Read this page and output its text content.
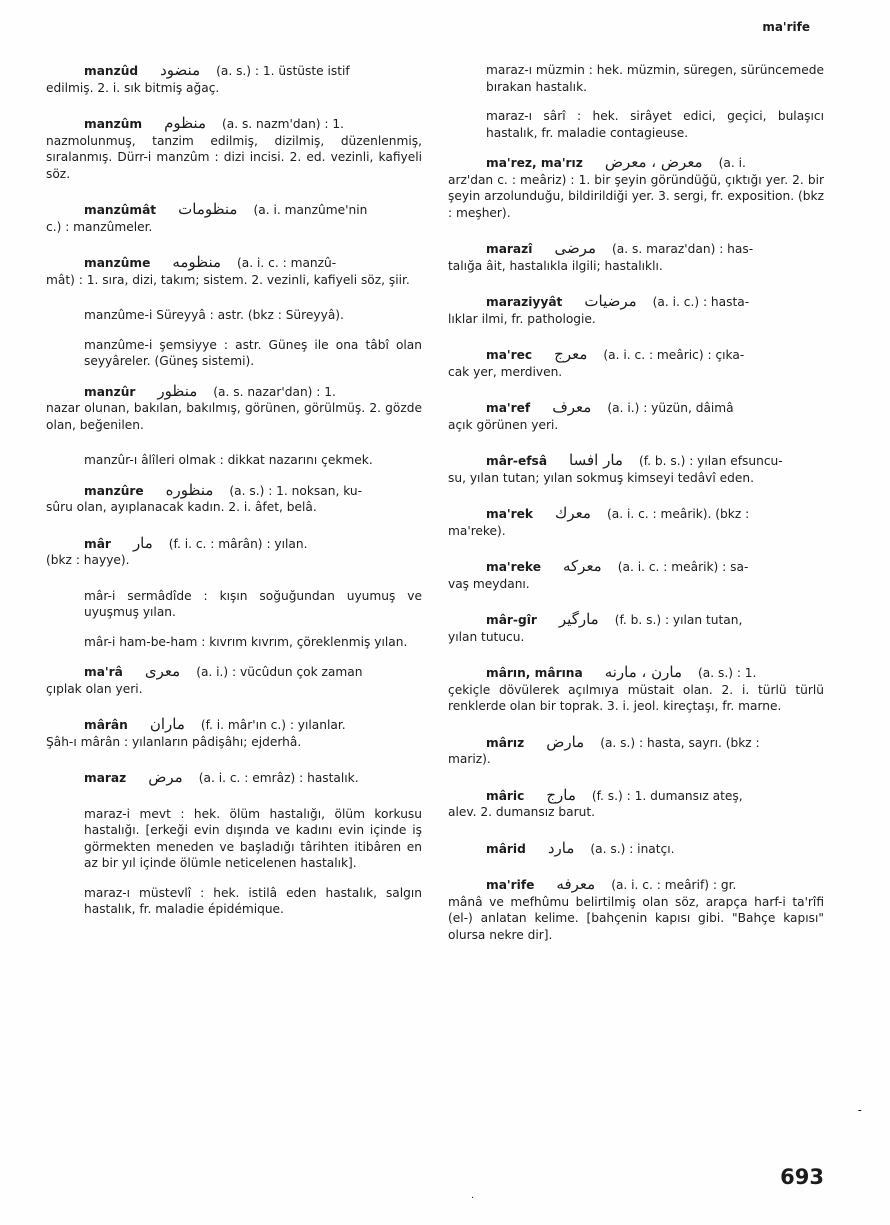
ma'rife
manzûd منضود (a. s.) : 1. üstüste istif
edilmiş. 2. i. sık bitmiş ağaç.
manzûm منظوم (a. s. nazm'dan) : 1.
nazmolunmuş, tanzim edilmiş, dizilmiş, düzenlenmiş, sıralanmış. Dürr-i manzûm : dizi incisi. 2. ed. vezinli, kafiyeli söz.
manzûmât منظومات (a. i. manzûme'nin
c.) : manzûmeler.
manzûme منظومه (a. i. c. : manzû-
mât) : 1. sıra, dizi, takım; sistem. 2. vezinli, kafiyeli söz, şiir.
manzûme-i Süreyyâ : astr. (bkz : Süreyyâ).
manzûme-i şemsiyye : astr. Güneş ile ona tâbî olan seyyâreler. (Güneş sistemi).
manzûr منظور (a. s. nazar'dan) : 1.
nazar olunan, bakılan, bakılmış, görünen, görülmüş. 2. gözde olan, beğenilen.
manzûr-ı âlîleri olmak : dikkat nazarını çekmek.
manzûre منظوره (a. s.) : 1. noksan, ku-
sûru olan, ayıplanacak kadın. 2. i. âfet, belâ.
mâr مار (f. i. c. : mârân) : yılan.
(bkz : hayye).
mâr-i sermâdîde : kışın soğuğundan uyumuş ve uyuşmuş yılan.
mâr-i ham-be-ham : kıvrım kıvrım, çöreklenmiş yılan.
ma'râ معرى (a. i.) : vücûdun çok zaman
çıplak olan yeri.
mârân ماران (f. i. mâr'ın c.) : yılanlar.
Şâh-ı mârân : yılanların pâdişâhı; ejderhâ.
maraz مرض (a. i. c. : emrâz) : hastalık.
maraz-i mevt : hek. ölüm hastalığı, ölüm korkusu hastalığı. [erkeği evin dışında ve kadını evin içinde iş görmekten meneden ve başladığı târihten itibâren en az bir yıl içinde ölümle neticelenen hastalık].
maraz-ı müstevlî : hek. istilâ eden hastalık, salgın hastalık, fr. maladie épidémique.
maraz-ı müzmin : hek. müzmin, süregen, sürüncemede bırakan hastalık.
maraz-ı sârî : hek. sirâyet edici, geçici, bulaşıcı hastalık, fr. maladie contagieuse.
ma'rez, ma'rız معرض ، معرض (a. i.
arz'dan c. : meâriz) : 1. bir şeyin göründüğü, çıktığı yer. 2. bir şeyin arzolunduğu, bildirildiği yer. 3. sergi, fr. exposition. (bkz : meşher).
marazî مرضى (a. s. maraz'dan) : has-
talığa âit, hastalıkla ilgili; hastalıklı.
maraziyyât مرضيات (a. i. c.) : hasta-
lıklar ilmi, fr. pathologie.
ma'rec معرج (a. i. c. : meâric) : çıka-
cak yer, merdiven.
ma'ref معرف (a. i.) : yüzün, dâimâ
açık görünen yeri.
mâr-efsâ مار افسا (f. b. s.) : yılan efsuncu-
su, yılan tutan; yılan sokmuş kimseyi tedâvî eden.
ma'rek معرك (a. i. c. : meârik). (bkz :
ma'reke).
ma'reke معركه (a. i. c. : meârik) : sa-
vaş meydanı.
mâr-gîr مارگير (f. b. s.) : yılan tutan,
yılan tutucu.
mârın, mârına مارن ، مارنه (a. s.) : 1.
çekiçle dövülerek açılmıya müstait olan. 2. i. türlü türlü renklerde olan bir toprak. 3. i. jeol. kireçtaşı, fr. marne.
mârız مارض (a. s.) : hasta, sayrı. (bkz :
mariz).
mâric مارج (f. s.) : 1. dumansız ateş,
alev. 2. dumansız barut.
mârid مارد (a. s.) : inatçı.
ma'rife معرفه (a. i. c. : meârif) : gr.
mânâ ve mefhûmu belirtilmiş olan söz, arapça harf-i ta'rîfi (el-) anlatan kelime. [bahçenin kapısı gibi. "Bahçe kapısı" olursa nekre dir].
-
.
693
